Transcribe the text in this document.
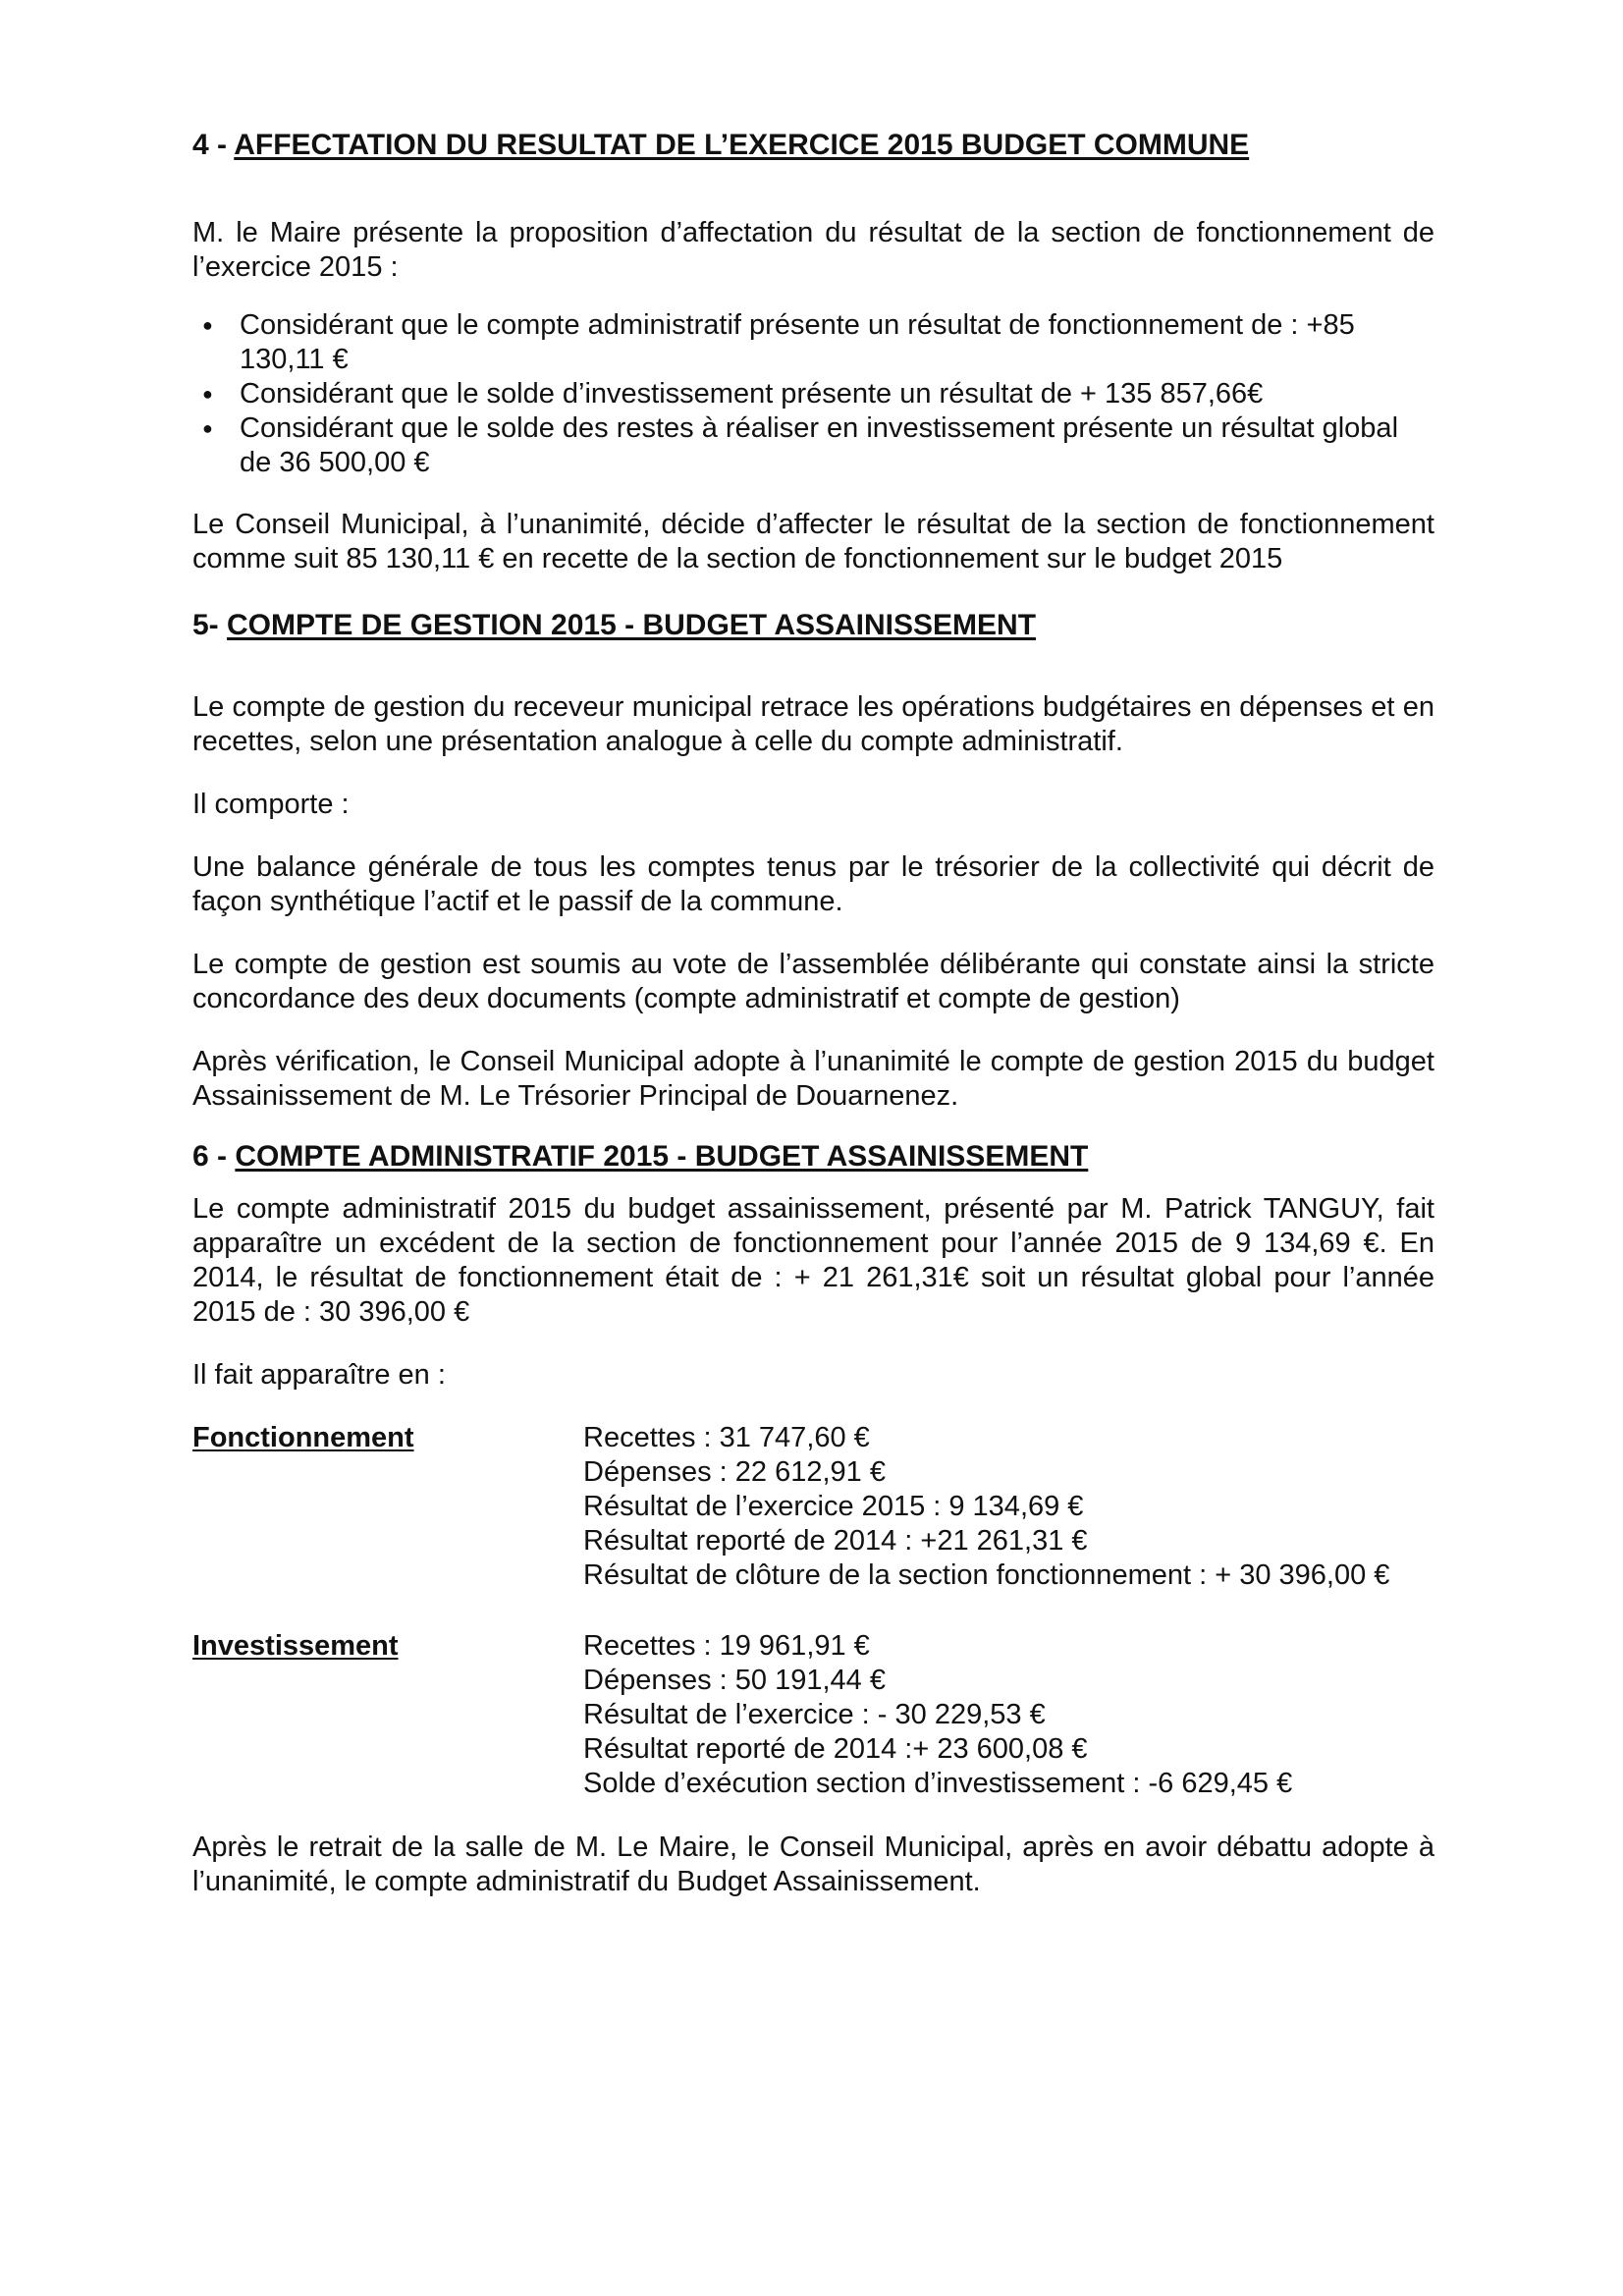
4 - AFFECTATION DU RESULTAT DE L’EXERCICE 2015 BUDGET COMMUNE

M. le Maire présente la proposition d’affectation du résultat de la section de fonctionnement de l’exercice 2015 :

● Considérant que le compte administratif présente un résultat de fonctionnement de : +85 130,11 €
● Considérant que le solde d’investissement présente un résultat de + 135 857,66€
● Considérant que le solde des restes à réaliser en investissement présente un résultat global de 36 500,00 €

Le Conseil Municipal, à l’unanimité, décide d’affecter le résultat de la section de fonctionnement comme suit 85 130,11 € en recette de la section de fonctionnement sur le budget 2015

5- COMPTE DE GESTION 2015 - BUDGET ASSAINISSEMENT

Le compte de gestion du receveur municipal retrace les opérations budgétaires en dépenses et en recettes, selon une présentation analogue à celle du compte administratif.

Il comporte :

Une balance générale de tous les comptes tenus par le trésorier de la collectivité qui décrit de façon synthétique l’actif et le passif de la commune.

Le compte de gestion est soumis au vote de l’assemblée délibérante qui constate ainsi la stricte concordance des deux documents (compte administratif et compte de gestion)

Après vérification, le Conseil Municipal adopte à l’unanimité le compte de gestion 2015 du budget Assainissement de M. Le Trésorier Principal de Douarnenez.

6 - COMPTE ADMINISTRATIF 2015 - BUDGET ASSAINISSEMENT

Le compte administratif 2015 du budget assainissement, présenté par M. Patrick TANGUY, fait apparaître un excédent de la section de fonctionnement pour l’année 2015 de 9 134,69 €. En 2014, le résultat de fonctionnement était de : + 21 261,31€ soit un résultat global pour l’année 2015 de : 30 396,00 €

Il fait apparaître en :

Fonctionnement	Recettes : 31 747,60 €
Dépenses : 22 612,91 €
Résultat de l’exercice 2015 : 9 134,69 €
Résultat reporté de 2014 : +21 261,31 €
Résultat de clôture de la section fonctionnement : + 30 396,00 €
Investissement	Recettes : 19 961,91 €
Dépenses : 50 191,44 €
Résultat de l’exercice : - 30 229,53 €
Résultat reporté de 2014 :+ 23 600,08 €
Solde d’exécution section d’investissement : -6 629,45 €

Après le retrait de la salle de M. Le Maire, le Conseil Municipal, après en avoir débattu adopte à l’unanimité, le compte administratif du Budget Assainissement.
